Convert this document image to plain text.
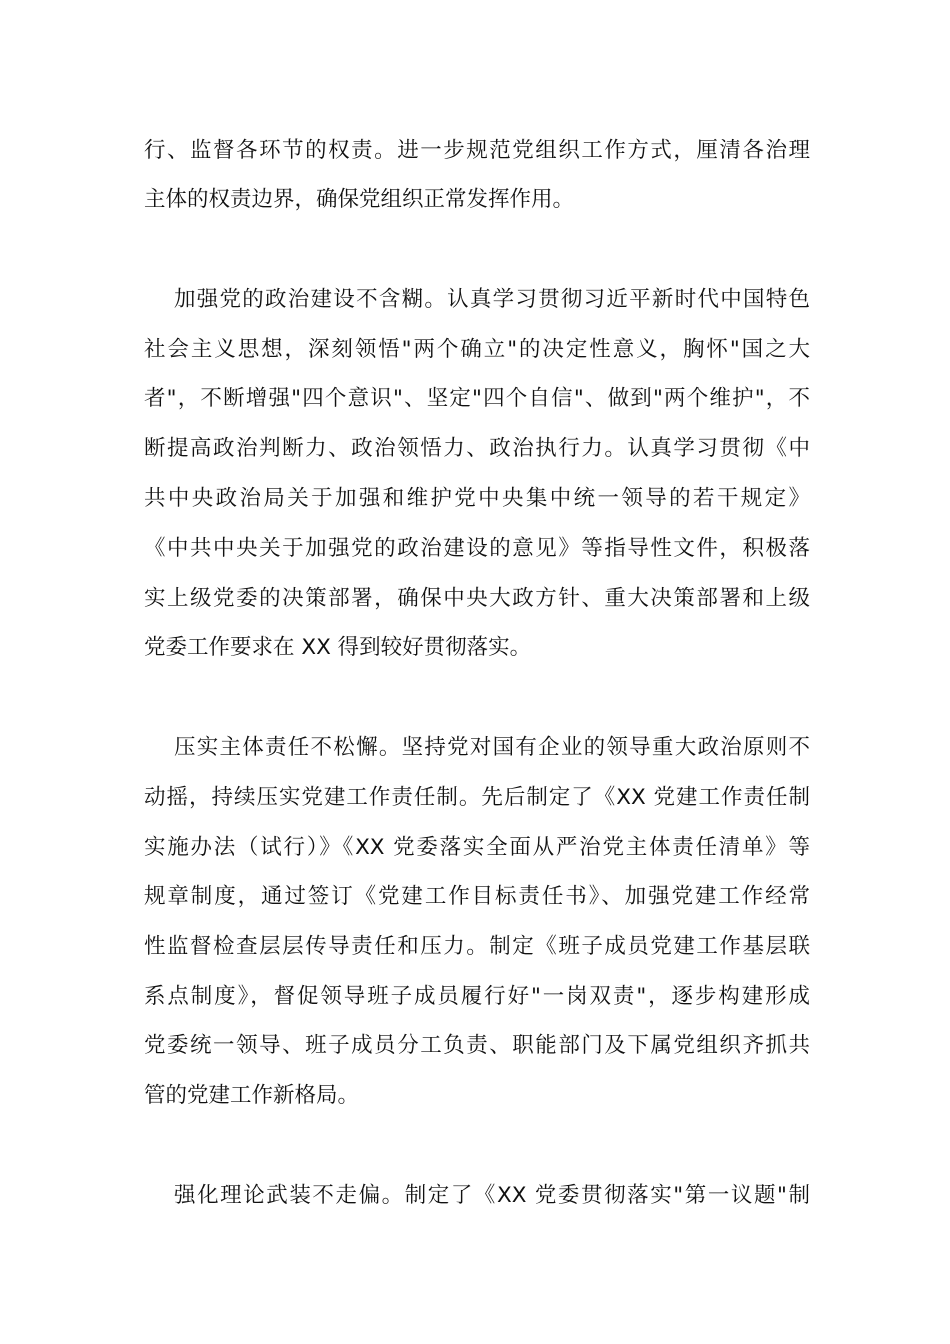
行、监督各环节的权责。进一步规范党组织工作方式，厘清各治理
主体的权责边界，确保党组织正常发挥作用。
加强党的政治建设不含糊。认真学习贯彻习近平新时代中国特色
社会主义思想，深刻领悟"两个确立"的决定性意义，胸怀"国之大
者"，不断增强"四个意识"、坚定"四个自信"、做到"两个维护"，不
断提高政治判断力、政治领悟力、政治执行力。认真学习贯彻《中
共中央政治局关于加强和维护党中央集中统一领导的若干规定》
《中共中央关于加强党的政治建设的意见》等指导性文件，积极落
实上级党委的决策部署，确保中央大政方针、重大决策部署和上级
党委工作要求在 XX 得到较好贯彻落实。
压实主体责任不松懈。坚持党对国有企业的领导重大政治原则不
动摇，持续压实党建工作责任制。先后制定了《XX 党建工作责任制
实施办法（试行）》《XX 党委落实全面从严治党主体责任清单》等
规章制度，通过签订《党建工作目标责任书》、加强党建工作经常
性监督检查层层传导责任和压力。制定《班子成员党建工作基层联
系点制度》，督促领导班子成员履行好"一岗双责"，逐步构建形成
党委统一领导、班子成员分工负责、职能部门及下属党组织齐抓共
管的党建工作新格局。
强化理论武装不走偏。制定了《XX 党委贯彻落实"第一议题"制
